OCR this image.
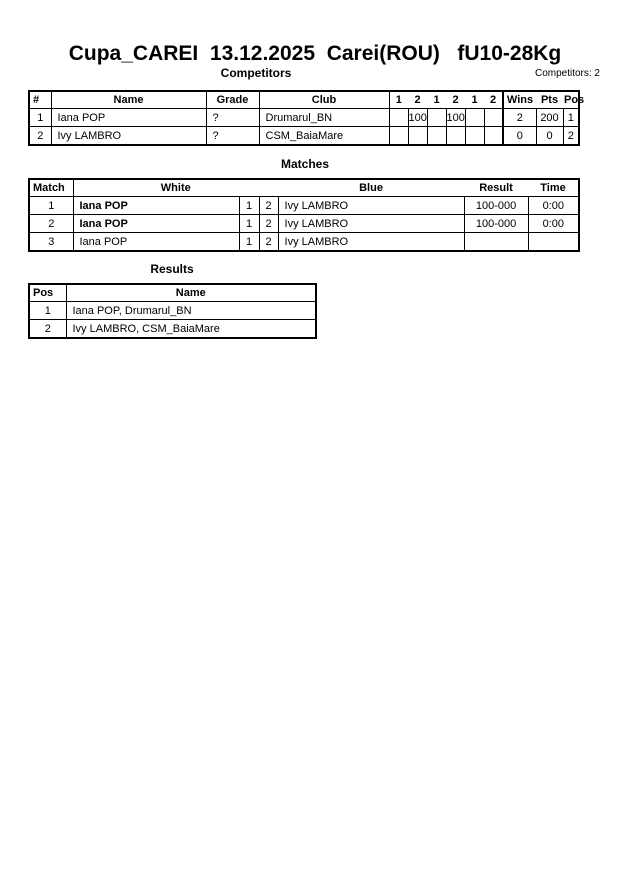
Cupa_CAREI  13.12.2025  Carei(ROU)   fU10-28Kg
Competitors	Competitors: 2
#	Name	Grade	Club	1	2	1	2	1	2	Wins	Pts	Pos
1	Iana POP	?	Drumarul_BN		100		100			2	200	1
2	Ivy LAMBRO	?	CSM_BaiaMare							0	0	2
Matches
Match	White			Blue	Result	Time
1	Iana POP	1	2	Ivy LAMBRO	100-000	0:00
2	Iana POP	1	2	Ivy LAMBRO	100-000	0:00
3	Iana POP	1	2	Ivy LAMBRO		
Results
Pos	Name
1	Iana POP, Drumarul_BN
2	Ivy LAMBRO, CSM_BaiaMare
